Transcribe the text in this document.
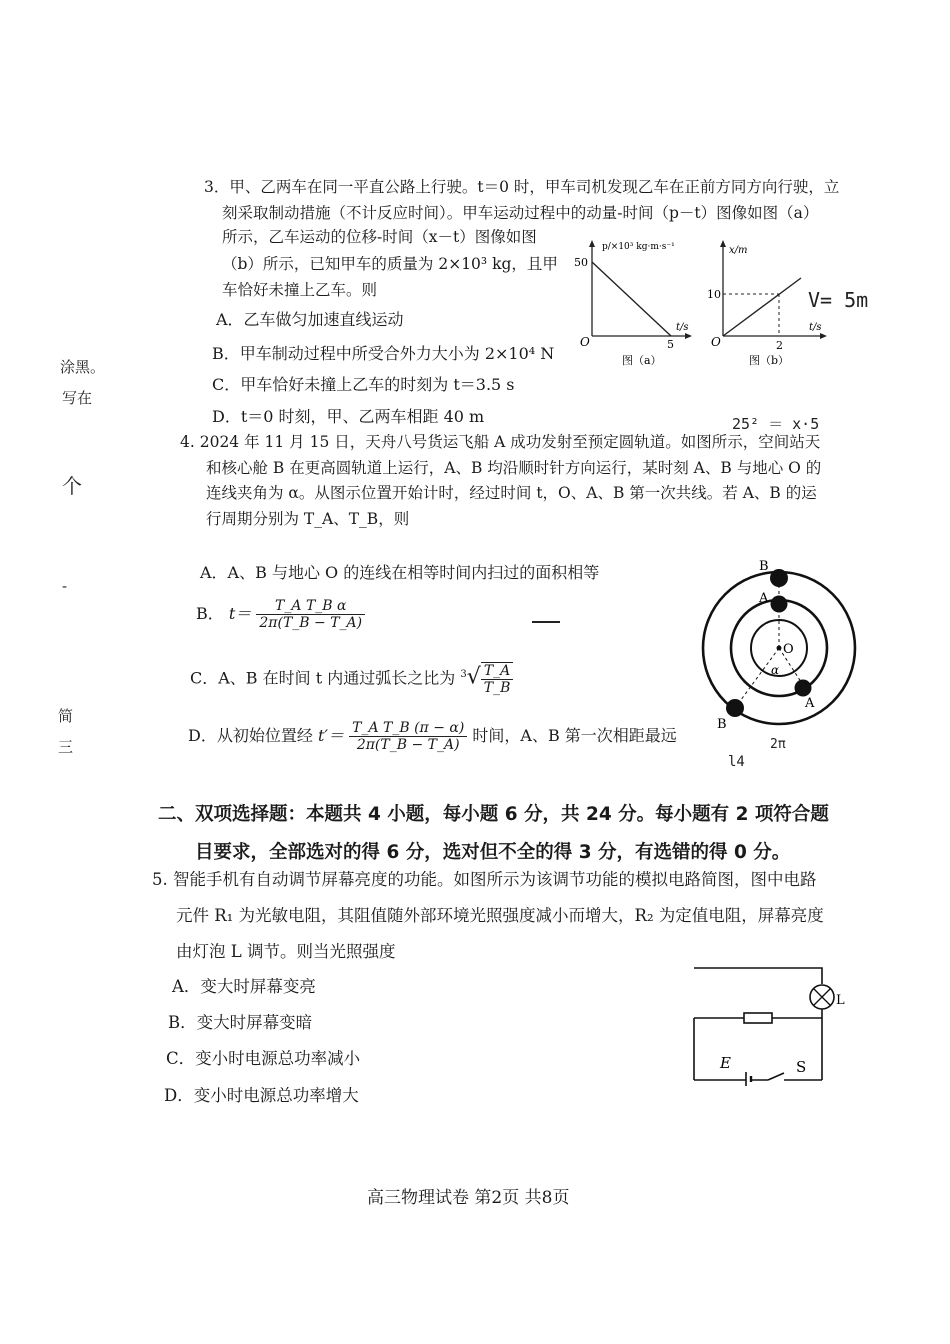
涂黑。
写在
个
-
简
三
3．甲、乙两车在同一平直公路上行驶。t＝0 时，甲车司机发现乙车在正前方同方向行驶，立
刻采取制动措施（不计反应时间）。甲车运动过程中的动量-时间（p－t）图像如图（a）
所示，乙车运动的位移-时间（x－t）图像如图
（b）所示，已知甲车的质量为 2×10³ kg，且甲
车恰好未撞上乙车。则
A．乙车做匀加速直线运动
B．甲车制动过程中所受合外力大小为 2×10⁴ N
C．甲车恰好未撞上乙车的时刻为 t＝3.5 s
D．t＝0 时刻，甲、乙两车相距 40 m
p/×10³ kg·m·s⁻¹
50
t/s
5
O
图（a）
x/m
10
t/s
2
O
图（b）
V= 5m
25² ＝ x·5
4. 2024 年 11 月 15 日，天舟八号货运飞船 A 成功发射至预定圆轨道。如图所示，空间站天
和核心舱 B 在更高圆轨道上运行，A、B 均沿顺时针方向运行，某时刻 A、B 与地心 O 的
连线夹角为 α。从图示位置开始计时，经过时间 t，O、A、B 第一次共线。若 A、B 的运
行周期分别为 T_A、T_B，则
A．A、B 与地心 O 的连线在相等时间内扫过的面积相等
B． $t= \frac{\text{T\_A T\_B α}}{2\pi(T\_B - T\_A)}$
C．A、B 在时间 t 内通过弧长之比为 $^3√ \frac{T\_A}{T\_B}$
D．从初始位置经 $t'= \frac{\text{T\_A T\_B (π − α)}}{2\pi(T\_B - T\_A)}$ 时间，A、B 第一次相距最远
B
A
O
α
A
B
2π
l4
二、双项选择题：本题共 4 小题，每小题 6 分，共 24 分。每小题有 2 项符合题
目要求，全部选对的得 6 分，选对但不全的得 3 分，有选错的得 0 分。
5. 智能手机有自动调节屏幕亮度的功能。如图所示为该调节功能的模拟电路简图，图中电路
元件 R₁ 为光敏电阻，其阻值随外部环境光照强度减小而增大，R₂ 为定值电阻，屏幕亮度
由灯泡 L 调节。则当光照强度
A．变大时屏幕变亮
B．变大时屏幕变暗
C．变小时电源总功率减小
D．变小时电源总功率增大
L
E	S
高三物理试卷 第2页 共8页
